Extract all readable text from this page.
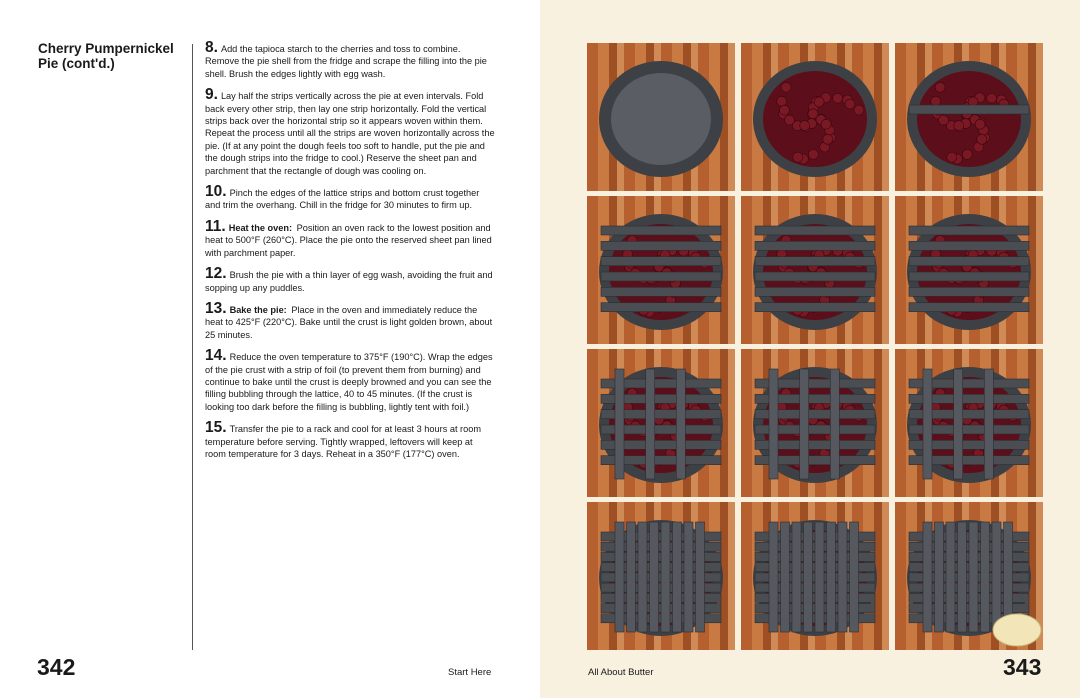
Cherry Pumpernickel Pie (cont'd.)

8. Add the tapioca starch to the cherries and toss to combine. Remove the pie shell from the fridge and scrape the filling into the pie shell. Brush the edges lightly with egg wash.

9. Lay half the strips vertically across the pie at even intervals. Fold back every other strip, then lay one strip horizontally. Fold the vertical strips back over the horizontal strip so it appears woven within them. Repeat the process until all the strips are woven horizontally across the pie. (If at any point the dough feels too soft to handle, put the pie and the dough strips into the fridge to cool.) Reserve the sheet pan and parchment that the rectangle of dough was cooling on.

10. Pinch the edges of the lattice strips and bottom crust together and trim the overhang. Chill in the fridge for 30 minutes to firm up.

11. Heat the oven: Position an oven rack to the lowest position and heat to 500°F (260°C). Place the pie onto the reserved sheet pan lined with parchment paper.

12. Brush the pie with a thin layer of egg wash, avoiding the fruit and sopping up any puddles.

13. Bake the pie: Place in the oven and immediately reduce the heat to 425°F (220°C). Bake until the crust is light golden brown, about 25 minutes.

14. Reduce the oven temperature to 375°F (190°C). Wrap the edges of the pie crust with a strip of foil (to prevent them from burning) and continue to bake until the crust is deeply browned and you can see the filling bubbling through the lattice, 40 to 45 minutes. (If the crust is looking too dark before the filling is bubbling, lightly tent with foil.)

15. Transfer the pie to a rack and cool for at least 3 hours at room temperature before serving. Tightly wrapped, leftovers will keep at room temperature for 3 days. Reheat in a 350°F (177°C) oven.

342	Start Here	All About Butter	343
